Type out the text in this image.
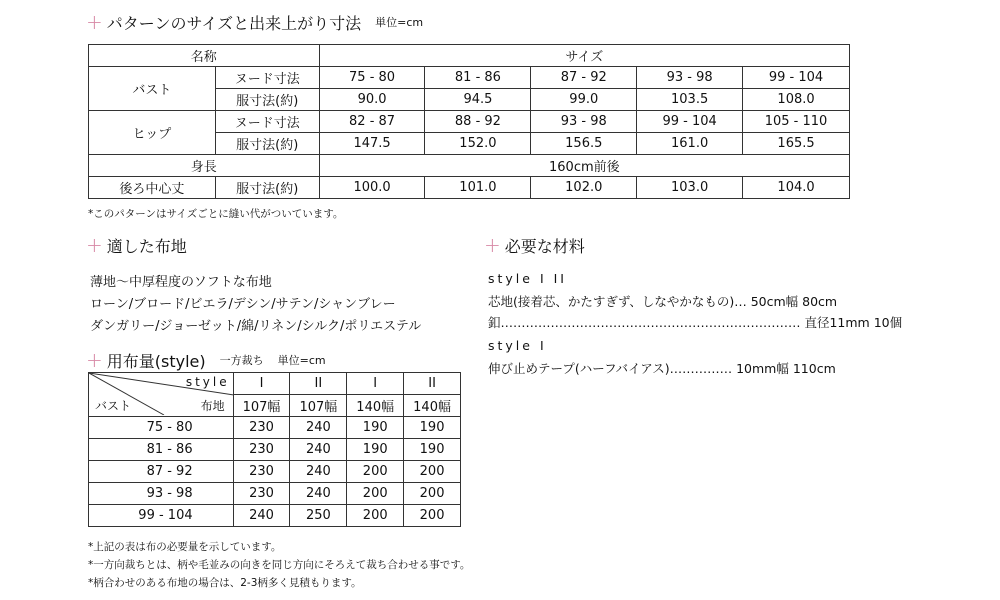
+ パターンのサイズと出来上がり寸法 単位=cm
名称		サイズ				
バスト	ヌード寸法	75 - 80	81 - 86	87 - 92	93 - 98	99 - 104
	服寸法(約)	90.0	94.5	99.0	103.5	108.0
ヒップ	ヌード寸法	82 - 87	88 - 92	93 - 98	99 - 104	105 - 110
	服寸法(約)	147.5	152.0	156.5	161.0	165.5
身長		160cm前後				
後ろ中心丈	服寸法(約)	100.0	101.0	102.0	103.0	104.0
*このパターンはサイズごとに縫い代がついています。
+ 適した布地
薄地〜中厚程度のソフトな布地
ローン/ブロード/ビエラ/デシン/サテン/シャンブレー
ダンガリー/ジョーゼット/綿/リネン/シルク/ポリエステル
+ 用布量(style) 一方裁ち 単位=cm
style
布地
バスト	I	II	I	II
	107幅	107幅	140幅	140幅
75 - 80	230	240	190	190
81 - 86	230	240	190	190
87 - 92	230	240	200	200
93 - 98	230	240	200	200
99 - 104	240	250	200	200
*上記の表は布の必要量を示しています。
*一方向裁ちとは、柄や毛並みの向きを同じ方向にそろえて裁ち合わせる事です。
*柄合わせのある布地の場合は、2-3柄多く見積もります。
+ 必要な材料
style I II
芯地(接着芯、かたすぎず、しなやかなもの)… 50cm幅 80cm
釦……………………………………………………………… 直径11mm 10個
style I
伸び止めテープ(ハーフバイアス)…………… 10mm幅 110cm
